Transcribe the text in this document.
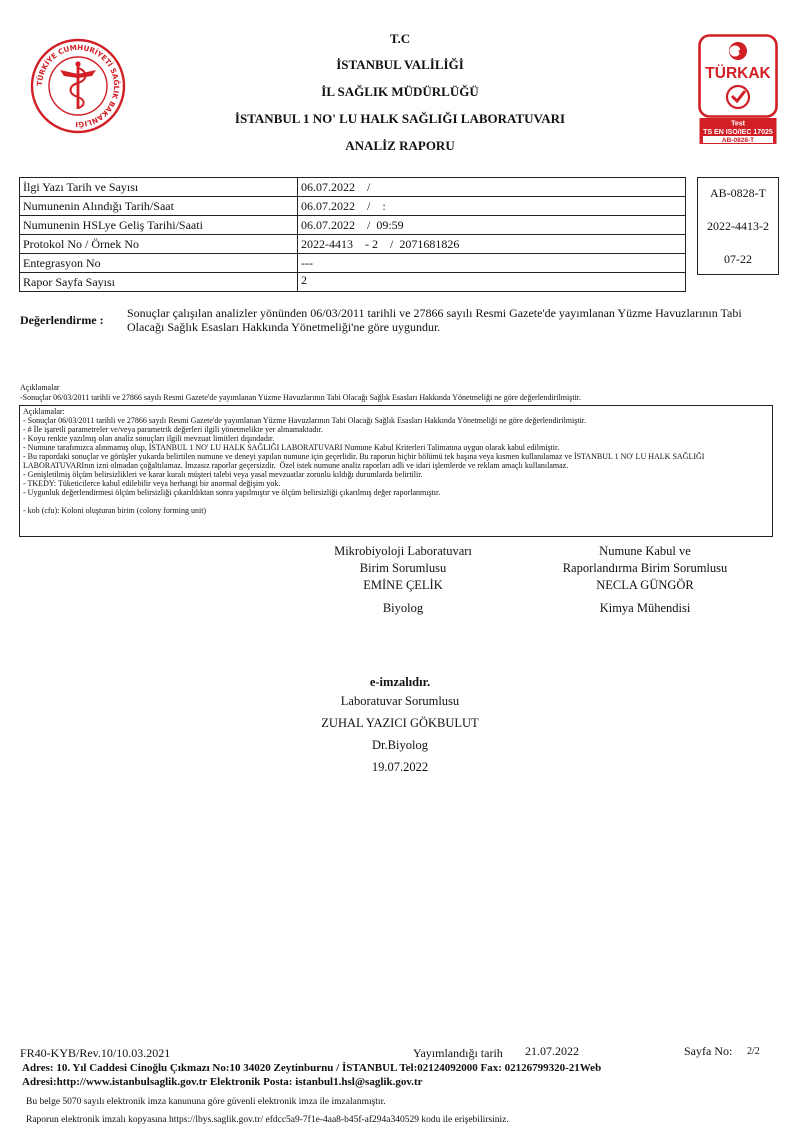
TÜRKİYE CUMHURİYETİ SAĞLIK BAKANLIĞI
T.C
İSTANBUL VALİLİĞİ
İL SAĞLIK MÜDÜRLÜĞÜ
İSTANBUL 1 NO' LU HALK SAĞLIĞI LABORATUVARI
ANALİZ RAPORU
TÜRKAK
Test
TS EN ISO/IEC 17025
AB-0828-T
İlgi Yazı Tarih ve Sayısı	06.07.2022    /
Numunenin Alındığı Tarih/Saat	06.07.2022    /    :
Numunenin HSLye Geliş Tarihi/Saati	06.07.2022    /  09:59
Protokol No / Örnek No	2022-4413    - 2    /  2071681826
Entegrasyon No	---
Rapor Sayfa Sayısı	2
AB-0828-T
2022-4413-2
07-22
Değerlendirme : Sonuçlar çalışılan analizler yönünden 06/03/2011 tarihli ve 27866 sayılı Resmi Gazete'de yayımlanan Yüzme Havuzlarının Tabi Olacağı Sağlık Esasları Hakkında Yönetmeliği'ne göre uygundur.
Açıklamalar
-Sonuçlar 06/03/2011 tarihli ve 27866 sayılı Resmi Gazete'de yayımlanan Yüzme Havuzlarının Tabi Olacağı Sağlık Esasları Hakkında Yönetmeliği ne göre değerlendirilmiştir.
Açıklamalar:
- Sonuçlar 06/03/2011 tarihli ve 27866 sayılı Resmi Gazete'de yayımlanan Yüzme Havuzlarının Tabi Olacağı Sağlık Esasları Hakkında Yönetmeliği ne göre değerlendirilmiştir.
- # İle işaretli parametreler ve/veya parametrik değerleri ilgili yönetmelikte yer almamaktadır.
- Koyu renkte yazılmış olan analiz sonuçları ilgili mevzuat limitleri dışındadır.
- Numune tarafımızca alınmamış olup, İSTANBUL 1 NO' LU HALK SAĞLIĞI LABORATUVARI Numune Kabul Kriterleri Talimatına uygun olarak kabul edilmiştir.
- Bu rapordaki sonuçlar ve görüşler yukarda belirtilen numune ve deneyi yapılan numune için geçerlidir. Bu raporun hiçbir bölümü tek başına veya kısmen kullanılamaz ve İSTANBUL 1 NO' LU HALK SAĞLIĞI LABORATUVARInın izni olmadan çoğaltılamaz. İmzasız raporlar geçersizdir.  Özel istek numune analiz raporları adli ve idari işlemlerde ve reklam amaçlı kullanılamaz.
- Genişletilmiş ölçüm belirsizlikleri ve karar kuralı müşteri talebi veya yasal mevzuatlar zorunlu kıldığı durumlarda belirtilir.
- TKEDY: Tüketicilerce kabul edilebilir veya herhangi bir anormal değişim yok.
- Uygunluk değerlendirmesi ölçüm belirsizliği çıkarıldıktan sonra yapılmıştır ve ölçüm belirsizliği çıkarılmış değer raporlanmıştır.
- kob (cfu): Koloni oluşturan birim (colony forming unit)
Mikrobiyoloji Laboratuvarı
Birim Sorumlusu
EMİNE ÇELİK
Biyolog
Numune Kabul ve
Raporlandırma Birim Sorumlusu
NECLA GÜNGÖR
Kimya Mühendisi
e-imzalıdır.
Laboratuvar Sorumlusu
ZUHAL YAZICI GÖKBULUT
Dr.Biyolog
19.07.2022
FR40-KYB/Rev.10/10.03.2021	Yayımlandığı tarih 21.07.2022	Sayfa No: 2/2
Adres: 10. Yıl Caddesi Cinoğlu Çıkmazı No:10 34020 Zeytinburnu / İSTANBUL Tel:02124092000 Fax: 02126799320-21Web
Adresi:http://www.istanbulsaglik.gov.tr Elektronik Posta: istanbul1.hsl@saglik.gov.tr
Bu belge 5070 sayılı elektronik imza kanununa göre güvenli elektronik imza ile imzalanmıştır.
Raporun elektronik imzalı kopyasına https://lbys.saglik.gov.tr/ efdcc5a9-7f1e-4aa8-b45f-af294a340529 kodu ile erişebilirsiniz.
